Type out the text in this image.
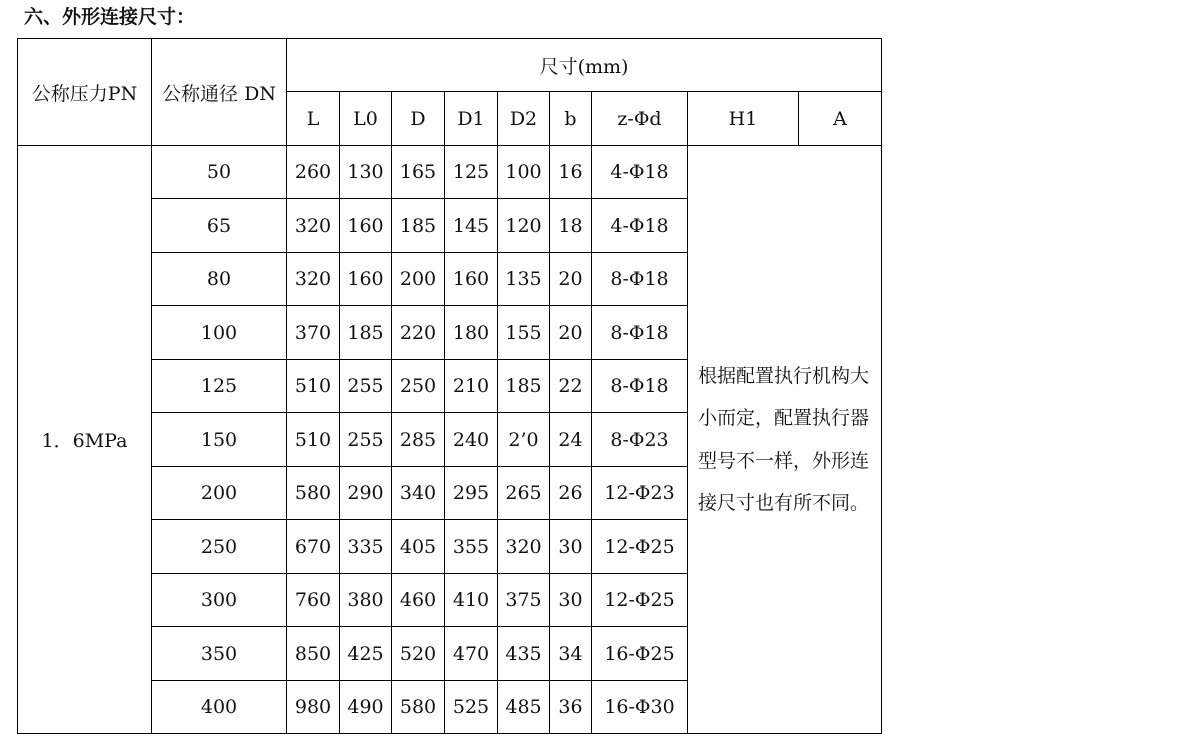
六、外形连接尺寸：
公称压力PN	公称通径 DN	尺寸(mm)								
		L	L0	D	D1	D2	b	z-Φd	H1	A
1．6MPa	50	260	130	165	125	100	16	4-Φ18	根据配置执行机构大小而定，配置执行器型号不一样，外形连接尺寸也有所不同。	

	65	320	160	185	145	120	18	4-Φ18		
	80	320	160	200	160	135	20	8-Φ18		
	100	370	185	220	180	155	20	8-Φ18		
	125	510	255	250	210	185	22	8-Φ18		
	150	510	255	285	240	2’0	24	8-Φ23		
	200	580	290	340	295	265	26	12-Φ23		
	250	670	335	405	355	320	30	12-Φ25		
	300	760	380	460	410	375	30	12-Φ25		
	350	850	425	520	470	435	34	16-Φ25		
	400	980	490	580	525	485	36	16-Φ30		
